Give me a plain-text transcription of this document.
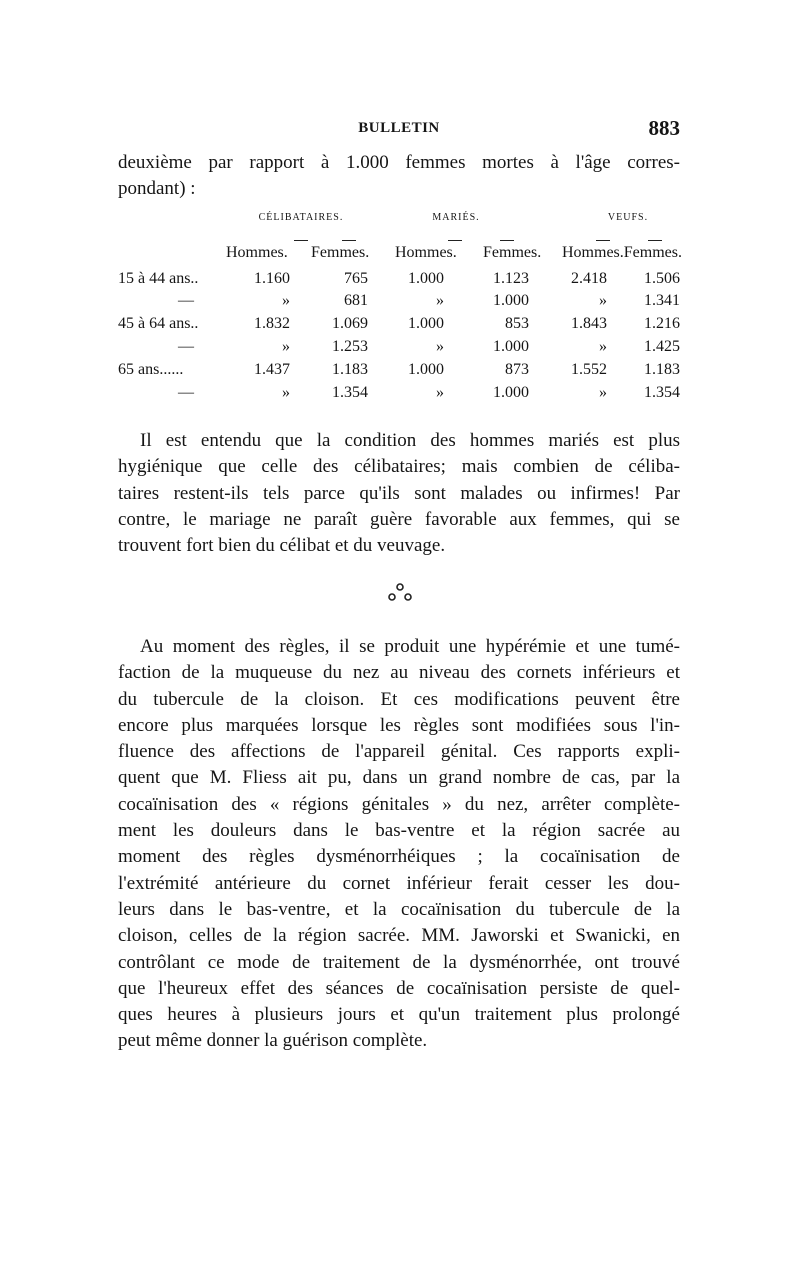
BULLETIN	883
deuxième par rapport à 1.000 femmes mortes à l'âge corres-
pondant) :
CÉLIBATAIRES.	MARIÉS.	VEUFS.
Hommes. Femmes. Hommes. Femmes. Hommes.Femmes.
15 à 44 ans..	1.160	765	1.000	1.123	2.418	1.506
—	»	681	»	1.000	»	1.341
45 à 64 ans..	1.832	1.069	1.000	853	1.843	1.216
—	»	1.253	»	1.000	»	1.425
65 ans......	1.437	1.183	1.000	873	1.552	1.183
—	»	1.354	»	1.000	»	1.354
Il est entendu que la condition des hommes mariés est plus
hygiénique que celle des célibataires; mais combien de céliba-
taires restent-ils tels parce qu'ils sont malades ou infirmes! Par
contre, le mariage ne paraît guère favorable aux femmes, qui se
trouvent fort bien du célibat et du veuvage.
Au moment des règles, il se produit une hypérémie et une tumé-
faction de la muqueuse du nez au niveau des cornets inférieurs et
du tubercule de la cloison. Et ces modifications peuvent être
encore plus marquées lorsque les règles sont modifiées sous l'in-
fluence des affections de l'appareil génital. Ces rapports expli-
quent que M. Fliess ait pu, dans un grand nombre de cas, par la
cocaïnisation des « régions génitales » du nez, arrêter complète-
ment les douleurs dans le bas-ventre et la région sacrée au
moment des règles dysménorrhéiques ; la cocaïnisation de
l'extrémité antérieure du cornet inférieur ferait cesser les dou-
leurs dans le bas-ventre, et la cocaïnisation du tubercule de la
cloison, celles de la région sacrée. MM. Jaworski et Swanicki, en
contrôlant ce mode de traitement de la dysménorrhée, ont trouvé
que l'heureux effet des séances de cocaïnisation persiste de quel-
ques heures à plusieurs jours et qu'un traitement plus prolongé
peut même donner la guérison complète.
